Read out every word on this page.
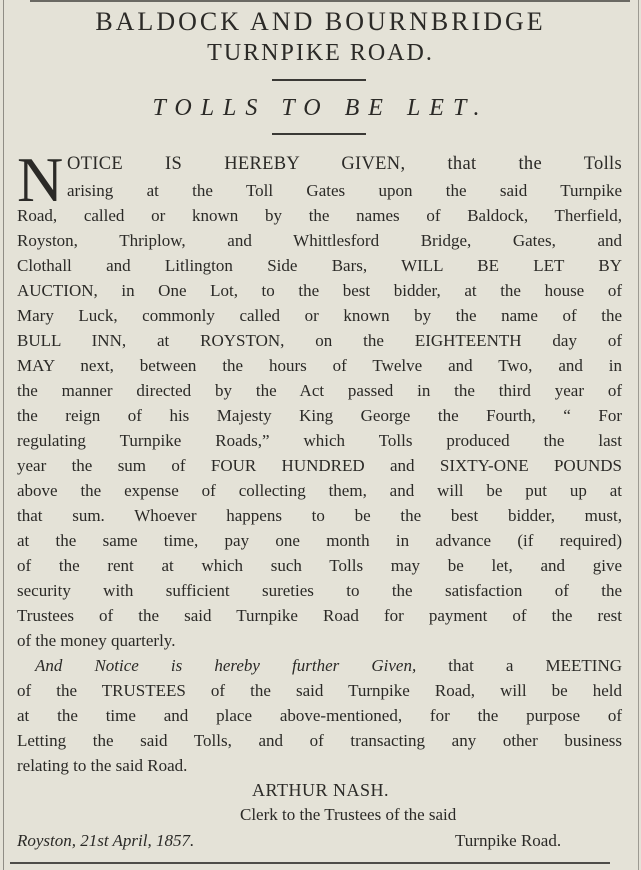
BALDOCK AND BOURNBRIDGE
TURNPIKE ROAD.
TOLLS TO BE LET.
N OTICE IS HEREBY GIVEN, that the Tolls
arising at the Toll Gates upon the said Turnpike
Road, called or known by the names of Baldock, Therfield,
Royston, Thriplow, and Whittlesford Bridge, Gates, and
Clothall and Litlington Side Bars, WILL BE LET BY
AUCTION, in One Lot, to the best bidder, at the house of
Mary Luck, commonly called or known by the name of the
BULL INN, at ROYSTON, on the EIGHTEENTH day of
MAY next, between the hours of Twelve and Two, and in
the manner directed by the Act passed in the third year of
the reign of his Majesty King George the Fourth, “ For
regulating Turnpike Roads,” which Tolls produced the last
year the sum of FOUR HUNDRED and SIXTY-ONE POUNDS
above the expense of collecting them, and will be put up at
that sum. Whoever happens to be the best bidder, must,
at the same time, pay one month in advance (if required)
of the rent at which such Tolls may be let, and give
security with sufficient sureties to the satisfaction of the
Trustees of the said Turnpike Road for payment of the rest
of the money quarterly.
And Notice is hereby further Given, that a MEETING
of the TRUSTEES of the said Turnpike Road, will be held
at the time and place above-mentioned, for the purpose of
Letting the said Tolls, and of transacting any other business
relating to the said Road.
ARTHUR NASH.
Clerk to the Trustees of the said
Royston, 21st April, 1857.	Turnpike Road.
